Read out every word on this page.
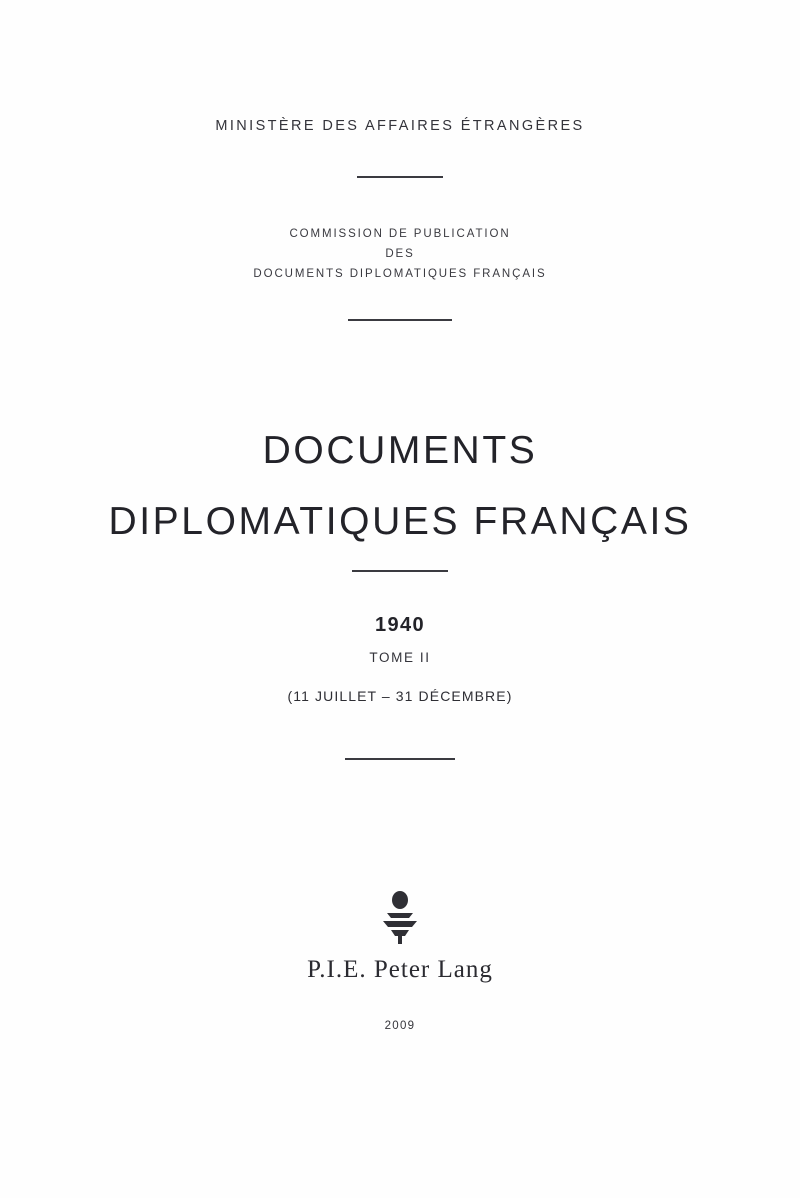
MINISTÈRE DES AFFAIRES ÉTRANGÈRES
COMMISSION DE PUBLICATION
DES
DOCUMENTS DIPLOMATIQUES FRANÇAIS
DOCUMENTS
DIPLOMATIQUES FRANÇAIS
1940
TOME II
(11 JUILLET – 31 DÉCEMBRE)
P.I.E. Peter Lang
2009
